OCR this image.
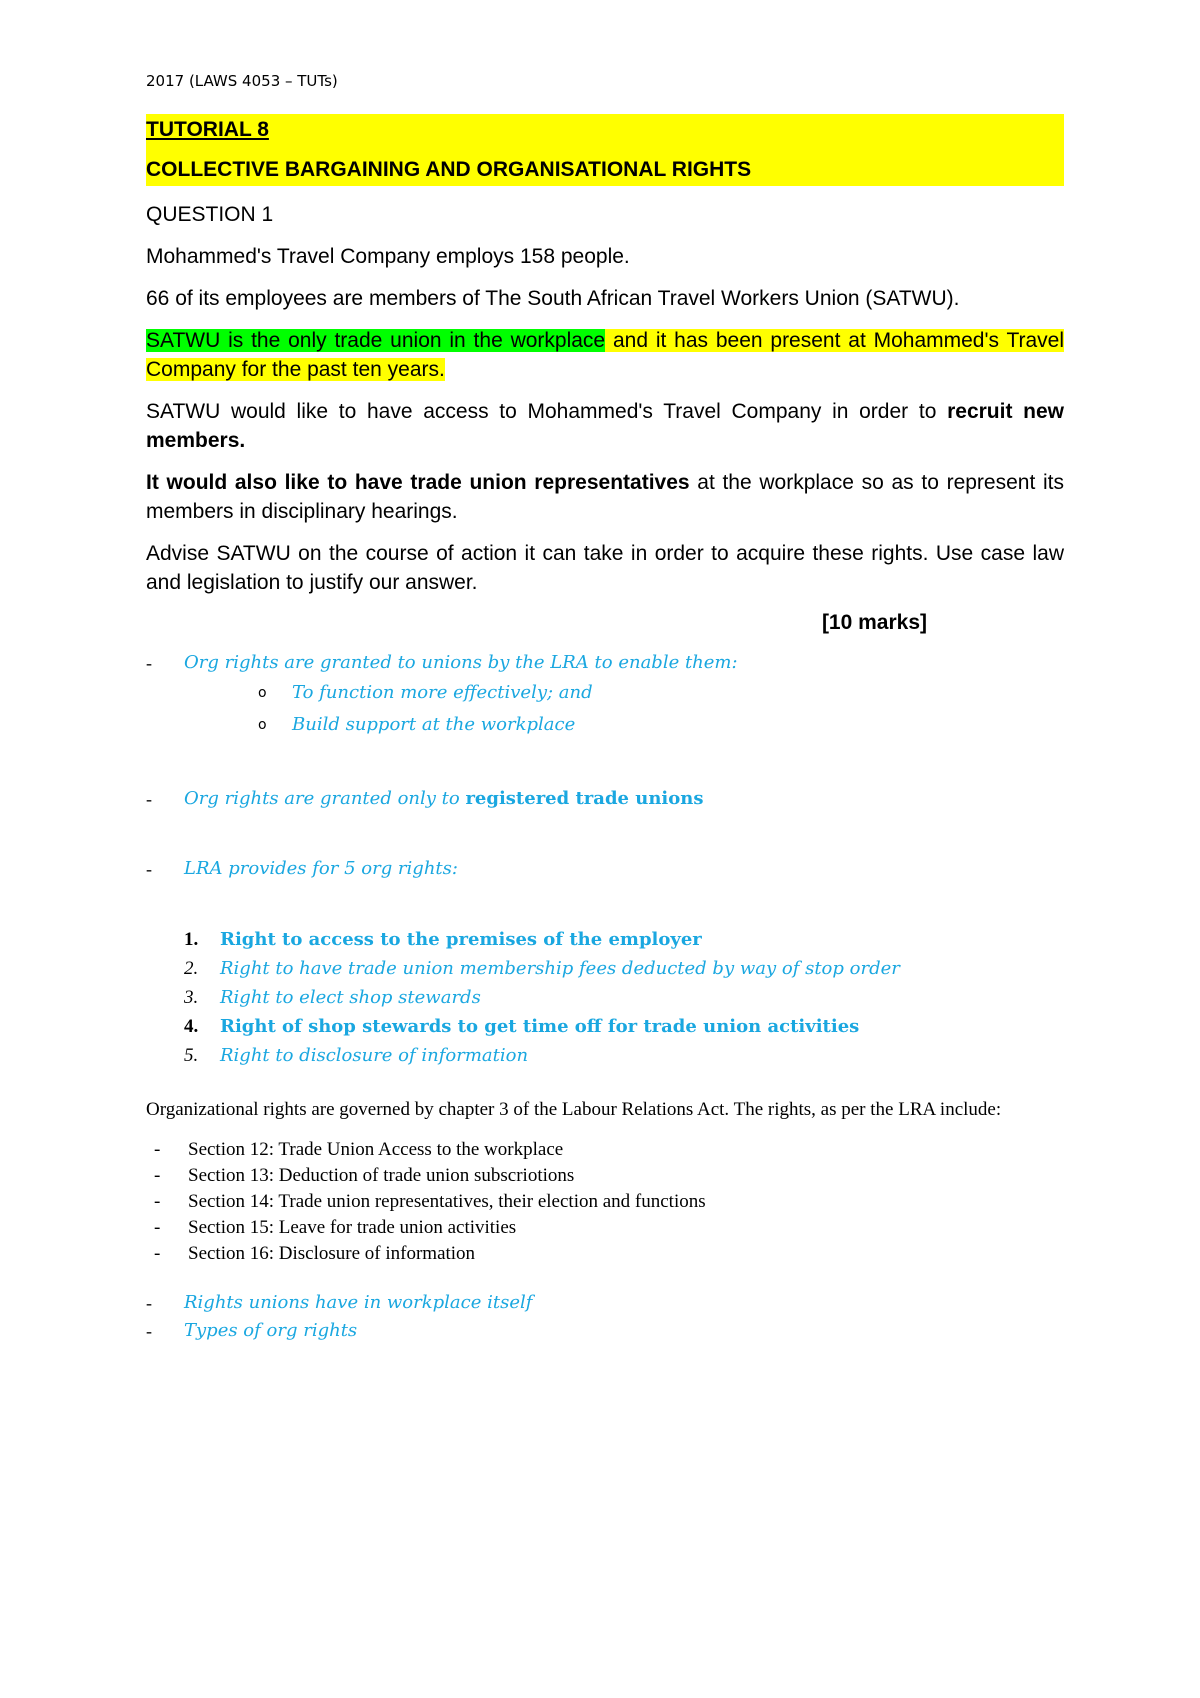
2017 (LAWS 4053 – TUTs)
TUTORIAL 8
COLLECTIVE BARGAINING AND ORGANISATIONAL RIGHTS
QUESTION 1
Mohammed's Travel Company employs 158 people.
66 of its employees are members of The South African Travel Workers Union (SATWU).
SATWU is the only trade union in the workplace and it has been present at Mohammed's Travel Company for the past ten years.
SATWU would like to have access to Mohammed's Travel Company in order to recruit new members.
It would also like to have trade union representatives at the workplace so as to represent its members in disciplinary hearings.
Advise SATWU on the course of action it can take in order to acquire these rights. Use case law and legislation to justify our answer.
[10 marks]
- Org rights are granted to unions by the LRA to enable them:
o To function more effectively; and
o Build support at the workplace
- Org rights are granted only to registered trade unions
- LRA provides for 5 org rights:
1. Right to access to the premises of the employer
2. Right to have trade union membership fees deducted by way of stop order
3. Right to elect shop stewards
4. Right of shop stewards to get time off for trade union activities
5. Right to disclosure of information
Organizational rights are governed by chapter 3 of the Labour Relations Act. The rights, as per the LRA include:
- Section 12: Trade Union Access to the workplace
- Section 13: Deduction of trade union subscriotions
- Section 14: Trade union representatives, their election and functions
- Section 15: Leave for trade union activities
- Section 16: Disclosure of information
- Rights unions have in workplace itself
- Types of org rights
